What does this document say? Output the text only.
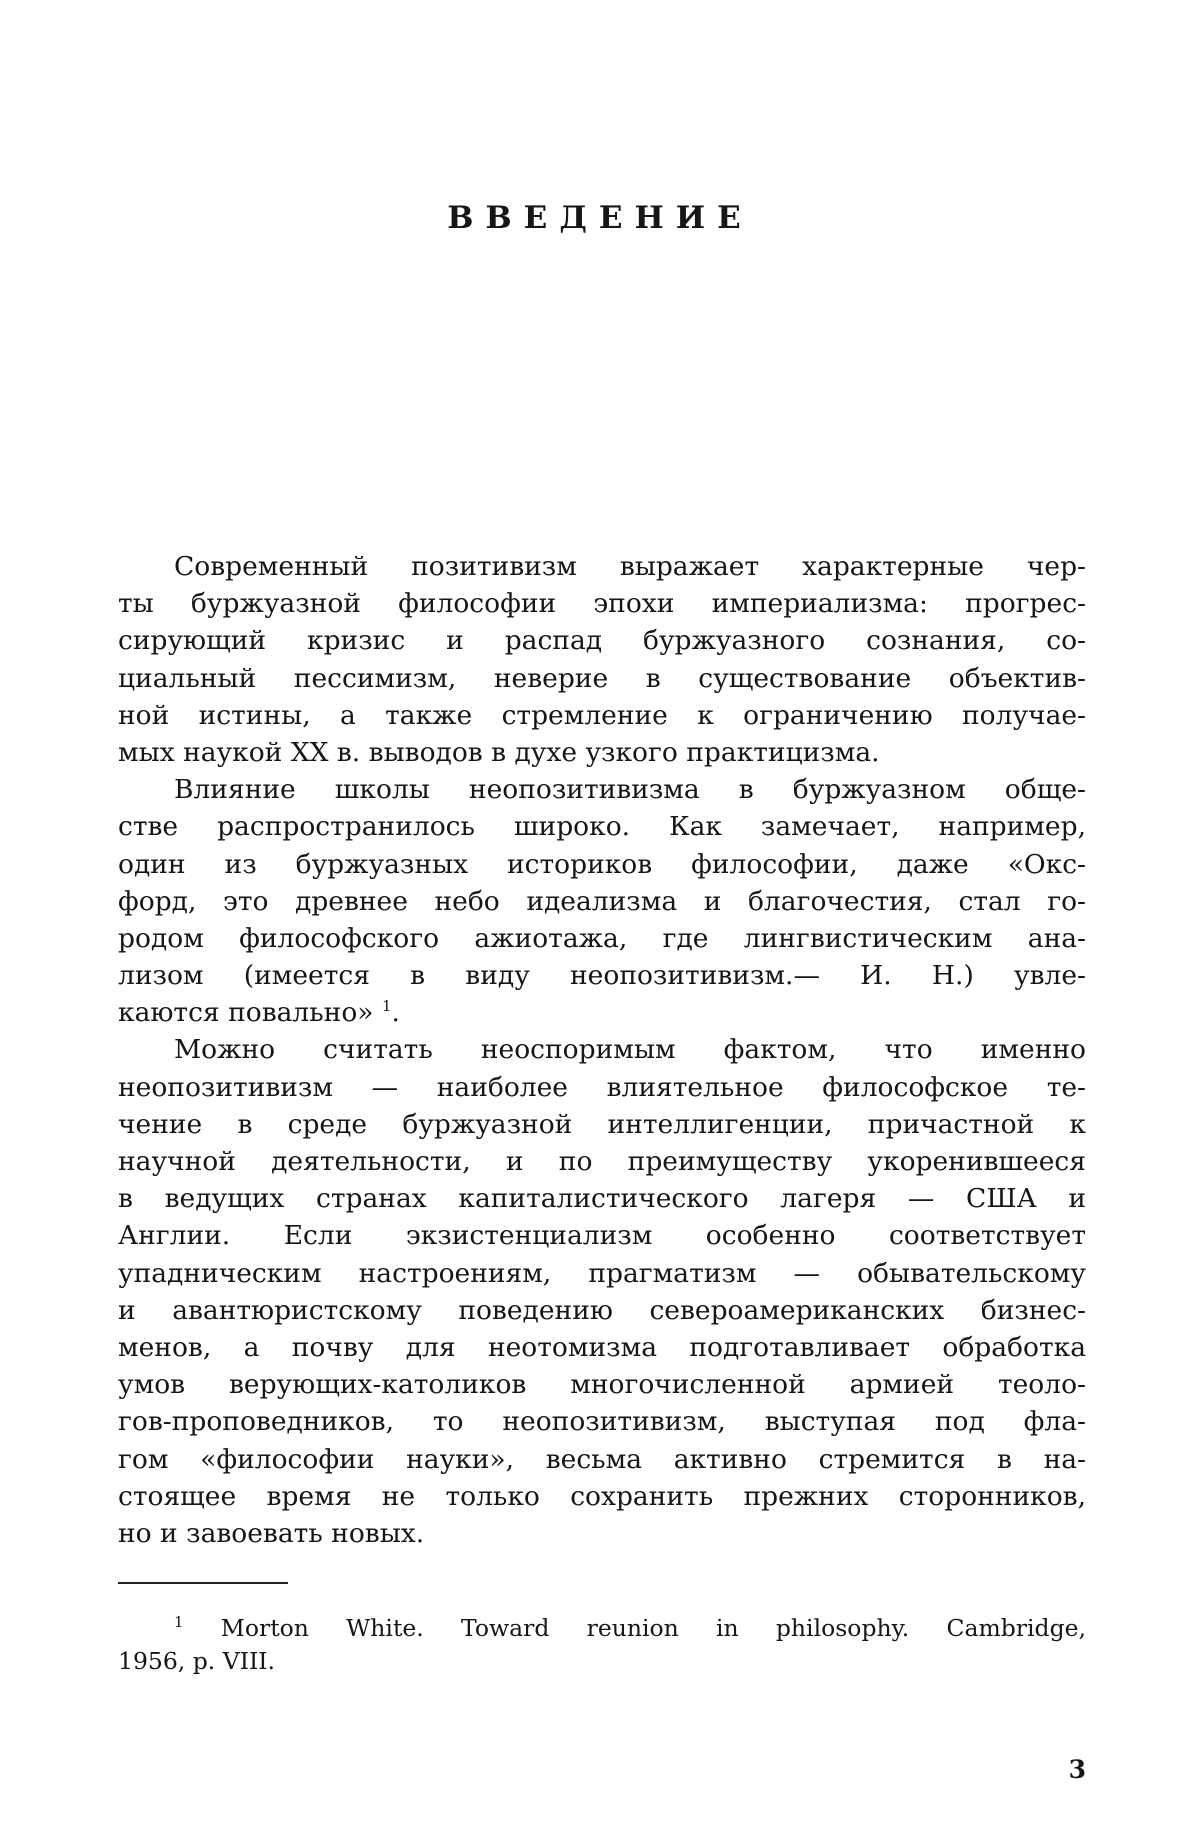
ВВЕДЕНИЕ
Современный позитивизм выражает характерные чер-
ты буржуазной философии эпохи империализма: прогрес-
сирующий кризис и распад буржуазного сознания, со-
циальный пессимизм, неверие в существование объектив-
ной истины, а также стремление к ограничению получае-
мых наукой XX в. выводов в духе узкого практицизма.
Влияние школы неопозитивизма в буржуазном обще-
стве распространилось широко. Как замечает, например,
один из буржуазных историков философии, даже «Окс-
форд, это древнее небо идеализма и благочестия, стал го-
родом философского ажиотажа, где лингвистическим ана-
лизом (имеется в виду неопозитивизм.— И. Н.) увле-
каются повально» $^1$.
Можно считать неоспоримым фактом, что именно
неопозитивизм — наиболее влиятельное философское те-
чение в среде буржуазной интеллигенции, причастной к
научной деятельности, и по преимуществу укоренившееся
в ведущих странах капиталистического лагеря — США и
Англии. Если экзистенциализм особенно соответствует
упадническим настроениям, прагматизм — обывательскому
и авантюристскому поведению североамериканских бизнес-
менов, а почву для неотомизма подготавливает обработка
умов верующих-католиков многочисленной армией теоло-
гов-проповедников, то неопозитивизм, выступая под фла-
гом «философии науки», весьма активно стремится в на-
стоящее время не только сохранить прежних сторонников,
но и завоевать новых.
$^1$ Morton White. Toward reunion in philosophy. Cambridge,
1956, p. VIII.
3
